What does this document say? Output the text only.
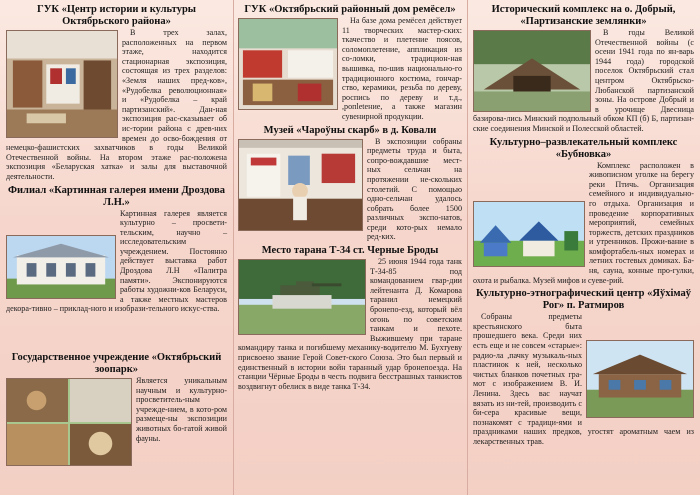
ГУК «Центр истории и культуры Октябрьского района»

В трех залах, расположенных на первом этаже, находится стационарная экспозиция, состоящая из трех разделов: «Земля наших пред-ков», «Рудобелка революционная» и «Рудобелка – край партизанский». Дан-ная экспозиция рас-сказывает об ис-тории района с древ-них времен до осво-бождения от немецко-фашистских захватчиков в годы Великой Отечественной войны. На втором этаже рас-положена экспозиция «Беларуская хатка» и залы для выставочной деятельности.

Филиал «Картинная галерея имени Дроздова Л.Н.»

Картинная галерея является культурно – просвети-тельским, научно – исследовательским учреждением. Постоянно действует выставка работ Дроздова Л.Н «Палитра памяти». Экспонируются работы художни-ков Беларуси, а также местных мастеров декора-тивно – приклад-ного и изобрази-тельного искус-ства.

Государственное учреждение «Октябрьский зоопарк»

Является уникальным научным и культурно-просветитель-ным учрежде-нием, в кото-ром размеще-ны экспозиции животных бо-гатой живой фауны.

ГУК «Октябрьский районный дом ремёсел»

На базе дома ремёсел действует 11 творческих мастер-ских: ткачество и плетение поясов, соломоплетение, аппликация из со-ломки, традицион-ная вышивка, по-шив национально-го традиционного костюма, гончар-ство, керамики, резьба по дереву, роспись по дереву и т.д., ,ропletение, а также магазин сувенирной продукции.

Музей «Чароўны скарб» в д. Ковали

В экспозиции собраны предметы труда и быта, сопро-вождавшие мест-ных сельчан на протяжении не-скольких столетий. С помощью одно-сельчан удалось собрать более 1500 различных экспо-натов, среди кото-рых немало ред-ких.

Место тарана Т-34 ст. Черные Броды

25 июня 1944 года танк Т-34-85 под командованием гвар-дии лейтенанта Д. Комарова таранил немецкий бронепо-езд, который вёл огонь по советским танкам и пехоте. Выжившему при таране командиру танка и погибшему механику-водителю М. Бухтуеву присвоено звание Герой Совет-ского Союза. Это был первый и единственный в истории войн таранный удар бронепоезда. На станции Чёрные Броды в честь подвига бесстрашных танкистов воздвигнут обелиск в виде танка Т-34.

Исторический комплекс на о. Добрый, «Партизанские землянки»

В годы Великой Отечественной войны (с осени 1941 года по ян-варь 1944 года) городской поселок Октябрьский стал центром Октябрьско-Любанской партизанской зоны. На острове Добрый и в урочище Двесница базирова-лись Минский подпольный обком КП (б) Б, партизан-ские соединения Минской и Полесской областей.

Культурно–развлекательный комплекс «Бубновка»

Комплекс расположен в живописном уголке на берегу реки Птичь. Организация семейного и индивидуально-го отдыха. Организация и проведение корпоративных мероприятий, семейных торжеств, детских праздников и утренников. Прожи-вание в комфортабель-ных номерах и летних гостевых домиках. Ба-ня, сауна, конные про-гулки, охота и рыбалка. Музей мифов и суеве-рий.

Культурно-этнографический центр «Яўхімаў Рог» п. Ратмиров

Собраны предметы крестьянского быта прошедшего века. Среди них есть еще и не совсем «старые»: радио-ла ,пачку музыкаль-ных пластинок к ней, несколько чистых бланков почетных гра-мот с изображением В. И. Ленина. Здесь вас научат вязать из ни-тей, производить с би-сера красивые вещи, познакомят с традици-ями и праздниками наших предков, угостят ароматным чаем из лекарственных трав.
